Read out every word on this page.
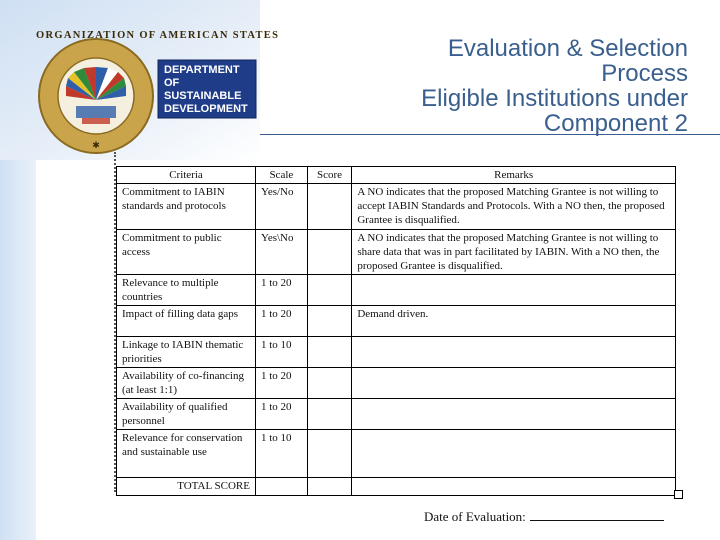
ORGANIZATION OF AMERICAN STATES
✱
DEPARTMENT OF SUSTAINABLE DEVELOPMENT
Evaluation & Selection
Process
Eligible Institutions under
Component 2
Criteria	Scale	Score	Remarks
Commitment to IABIN standards and protocols	Yes/No		A NO indicates that the proposed Matching Grantee is not willing to accept IABIN Standards and Protocols. With a NO then, the proposed Grantee is disqualified.
Commitment to public access	Yes\No		A NO indicates that the proposed Matching Grantee is not willing to share data that was in part facilitated by IABIN. With a NO then, the proposed Grantee is disqualified.
Relevance to multiple countries	1 to 20		
Impact of filling data gaps	1 to 20		Demand driven.
Linkage to IABIN thematic priorities	1 to 10		
Availability of co-financing (at least 1:1)	1 to 20		
Availability of qualified personnel	1 to 20		
Relevance for conservation and sustainable use	1 to 10		
TOTAL SCORE			
Date of Evaluation:
